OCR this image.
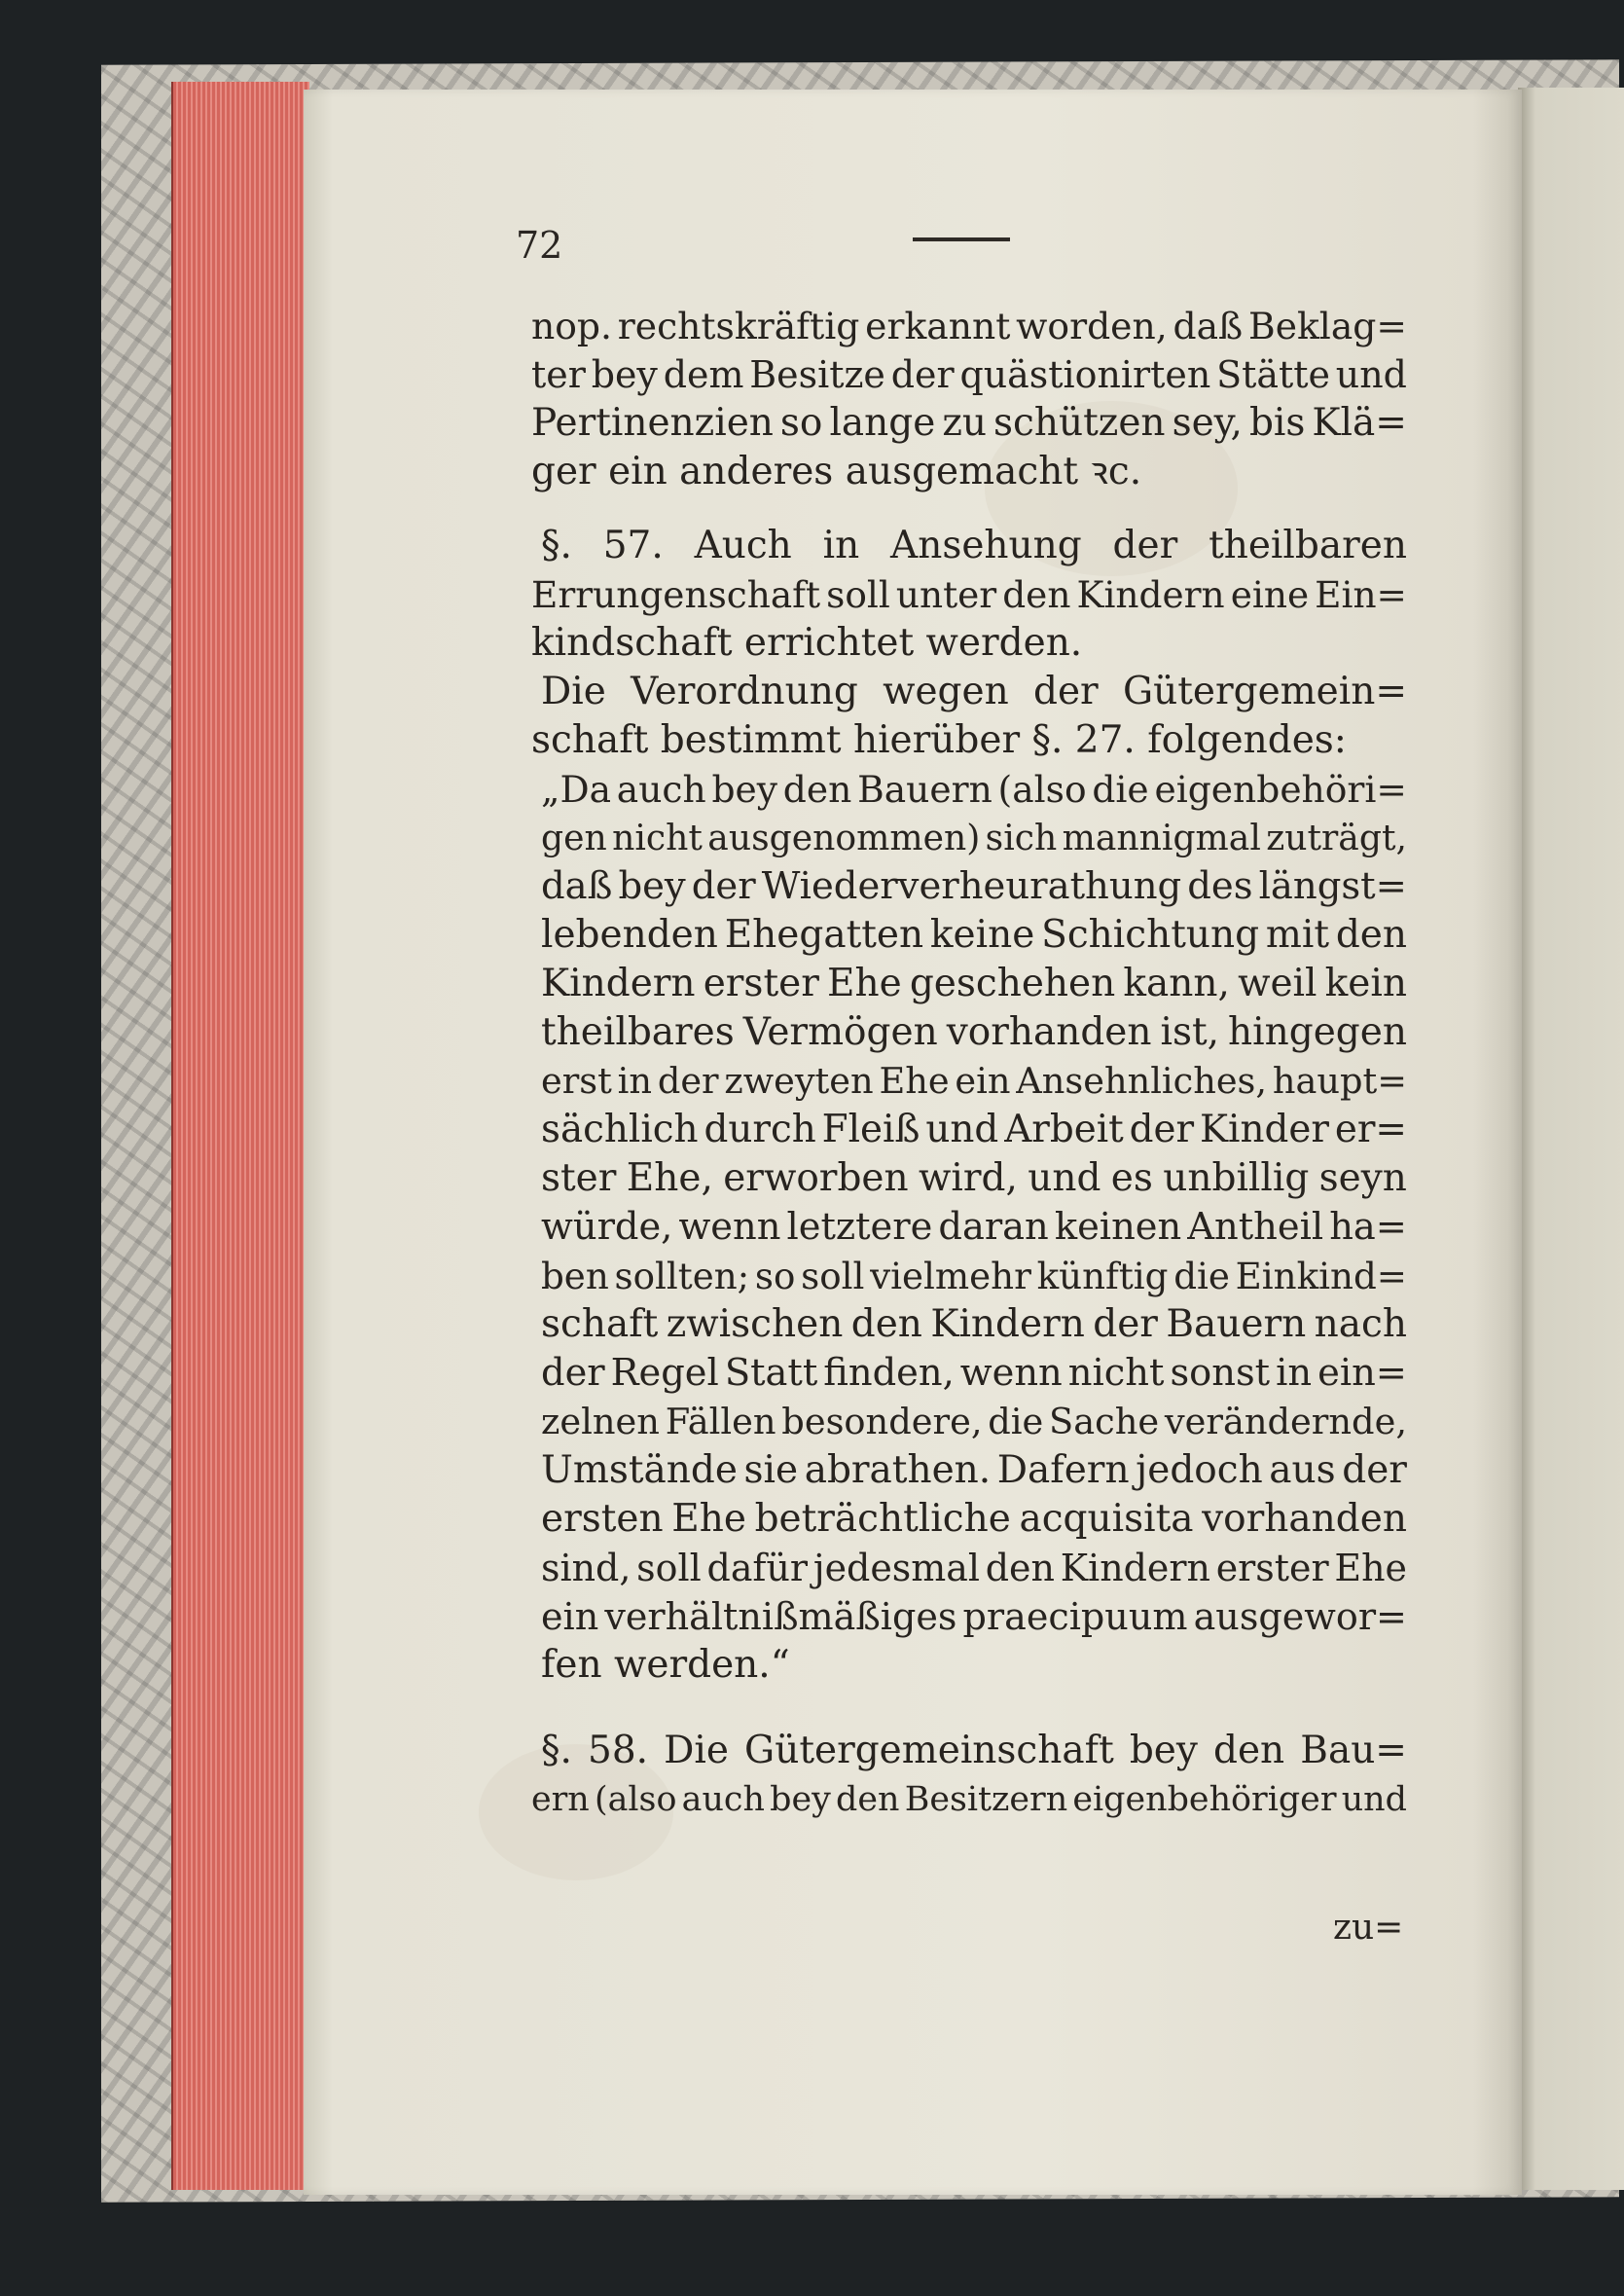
72
nop. rechtskräftig erkannt worden, daß Beklag=
ter bey dem Besitze der quästionirten Stätte und
Pertinenzien so lange zu schützen sey, bis Klä=
ger ein anderes ausgemacht ꝛc.
§. 57. Auch in Ansehung der theilbaren
Errungenschaft soll unter den Kindern eine Ein=
kindschaft errichtet werden.
Die Verordnung wegen der Gütergemein=
schaft bestimmt hierüber §. 27. folgendes:
„Da auch bey den Bauern (also die eigenbehöri=
gen nicht ausgenommen) sich mannigmal zuträgt,
daß bey der Wiederverheurathung des längst=
lebenden Ehegatten keine Schichtung mit den
Kindern erster Ehe geschehen kann, weil kein
theilbares Vermögen vorhanden ist, hingegen
erst in der zweyten Ehe ein Ansehnliches, haupt=
sächlich durch Fleiß und Arbeit der Kinder er=
ster Ehe, erworben wird, und es unbillig seyn
würde, wenn letztere daran keinen Antheil ha=
ben sollten; so soll vielmehr künftig die Einkind=
schaft zwischen den Kindern der Bauern nach
der Regel Statt finden, wenn nicht sonst in ein=
zelnen Fällen besondere, die Sache verändernde,
Umstände sie abrathen. Dafern jedoch aus der
ersten Ehe beträchtliche acquisita vorhanden
sind, soll dafür jedesmal den Kindern erster Ehe
ein verhältnißmäßiges praecipuum ausgewor=
fen werden.“
§. 58. Die Gütergemeinschaft bey den Bau=
ern (also auch bey den Besitzern eigenbehöriger und
zu=
